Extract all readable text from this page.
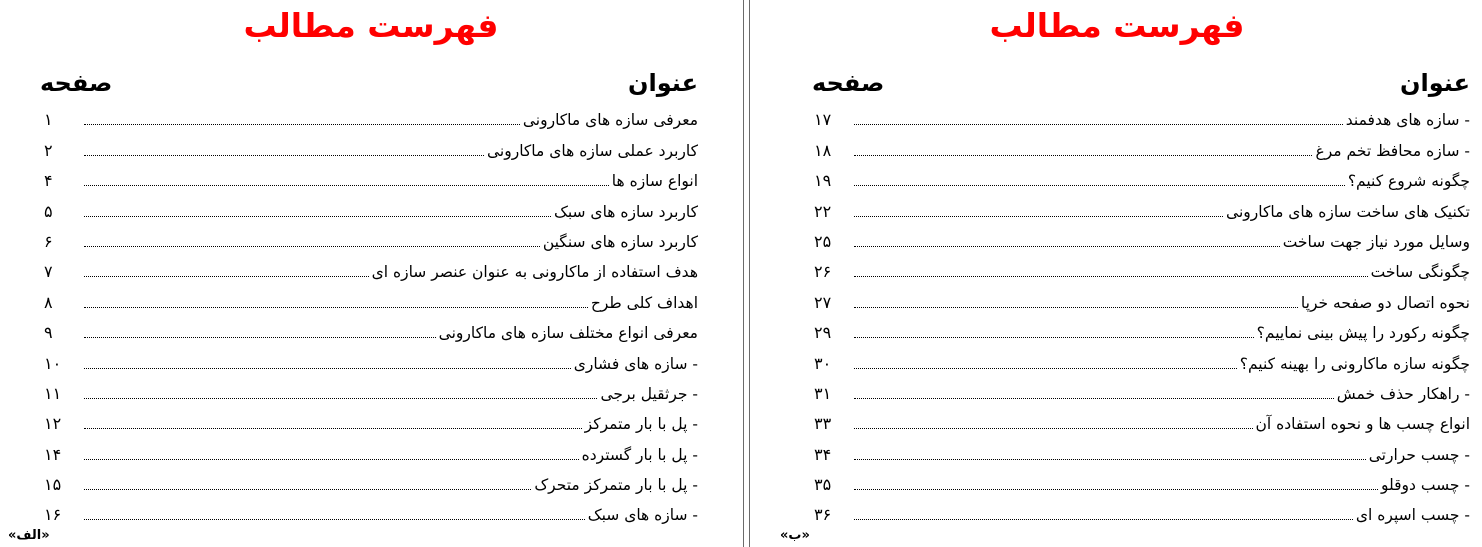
فهرست مطالب
عنوان
صفحه
معرفی سازه های ماکارونی
۱
کاربرد عملی سازه های ماکارونی
۲
انواع سازه ها
۴
کاربرد سازه های سبک
۵
کاربرد سازه های سنگین
۶
هدف استفاده از ماکارونی به عنوان عنصر سازه ای
۷
اهداف کلی طرح
۸
معرفی انواع مختلف سازه های ماکارونی
۹
- سازه های فشاری
۱۰
- جرثقیل برجی
۱۱
- پل با بار متمرکز
۱۲
- پل با بار گسترده
۱۴
- پل با بار متمرکز متحرک
۱۵
- سازه های سبک
۱۶
«الف»
فهرست مطالب
عنوان
صفحه
- سازه های هدفمند
۱۷
- سازه محافظ تخم مرغ
۱۸
چگونه شروع کنیم؟
۱۹
تکنیک های ساخت سازه های ماکارونی
۲۲
وسایل مورد نیاز جهت ساخت
۲۵
چگونگی ساخت
۲۶
نحوه اتصال دو صفحه خرپا
۲۷
چگونه رکورد را پیش بینی نماییم؟
۲۹
چگونه سازه ماکارونی را بهینه کنیم؟
۳۰
- راهکار حذف خمش
۳۱
انواع چسب ها و نحوه استفاده آن
۳۳
- چسب حرارتی
۳۴
- چسب دوقلو
۳۵
- چسب اسپره ای
۳۶
«ب»
